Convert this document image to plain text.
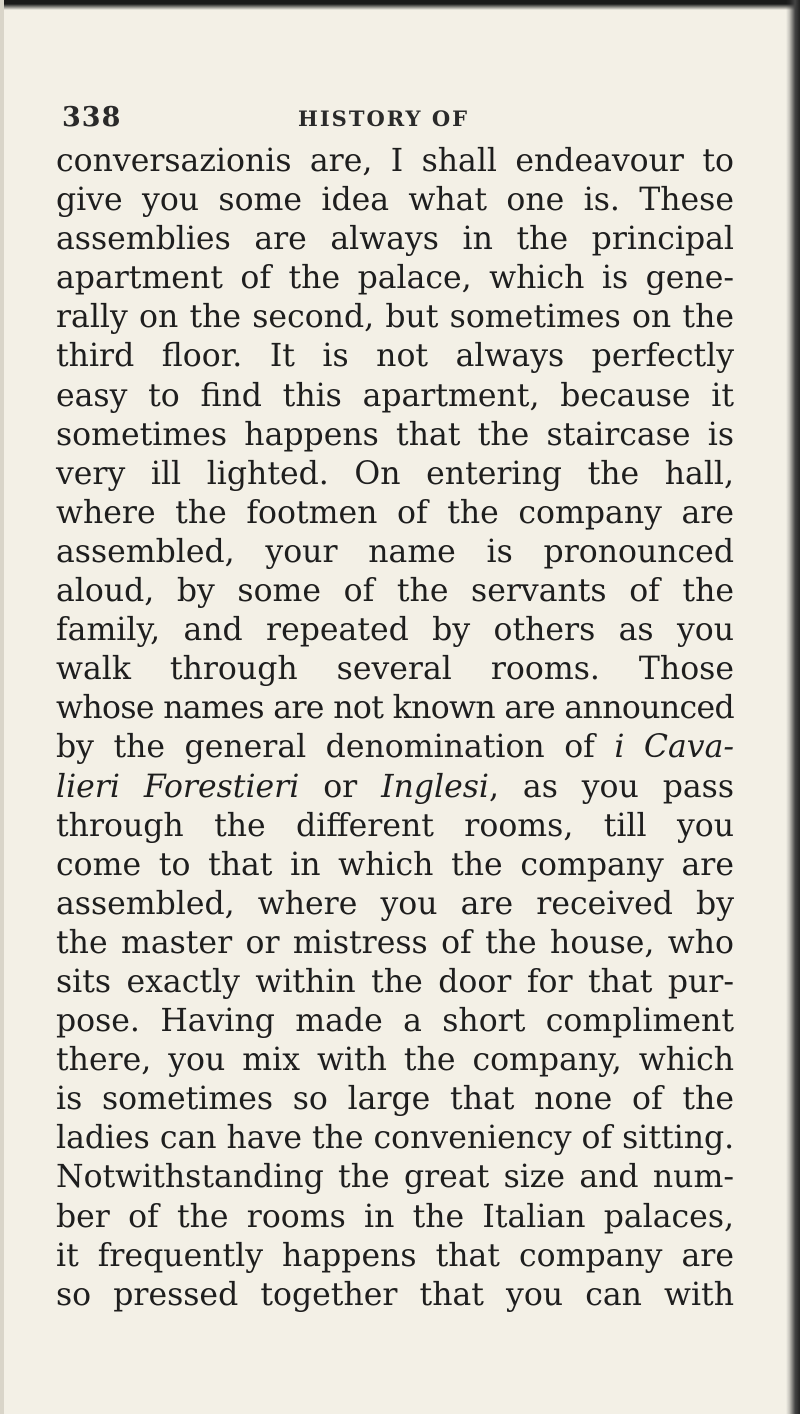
338	HISTORY OF
conversazionis are, I shall endeavour to
give you some idea what one is. These
assemblies are always in the principal
apartment of the palace, which is gene-
rally on the second, but sometimes on the
third floor. It is not always perfectly
easy to find this apartment, because it
sometimes happens that the staircase is
very ill lighted. On entering the hall,
where the footmen of the company are
assembled, your name is pronounced
aloud, by some of the servants of the
family, and repeated by others as you
walk through several rooms. Those
whose names are not known are announced
by the general denomination of i Cava-
lieri Forestieri or Inglesi, as you pass
through the different rooms, till you
come to that in which the company are
assembled, where you are received by
the master or mistress of the house, who
sits exactly within the door for that pur-
pose. Having made a short compliment
there, you mix with the company, which
is sometimes so large that none of the
ladies can have the conveniency of sitting.
Notwithstanding the great size and num-
ber of the rooms in the Italian palaces,
it frequently happens that company are
so pressed together that you can with
